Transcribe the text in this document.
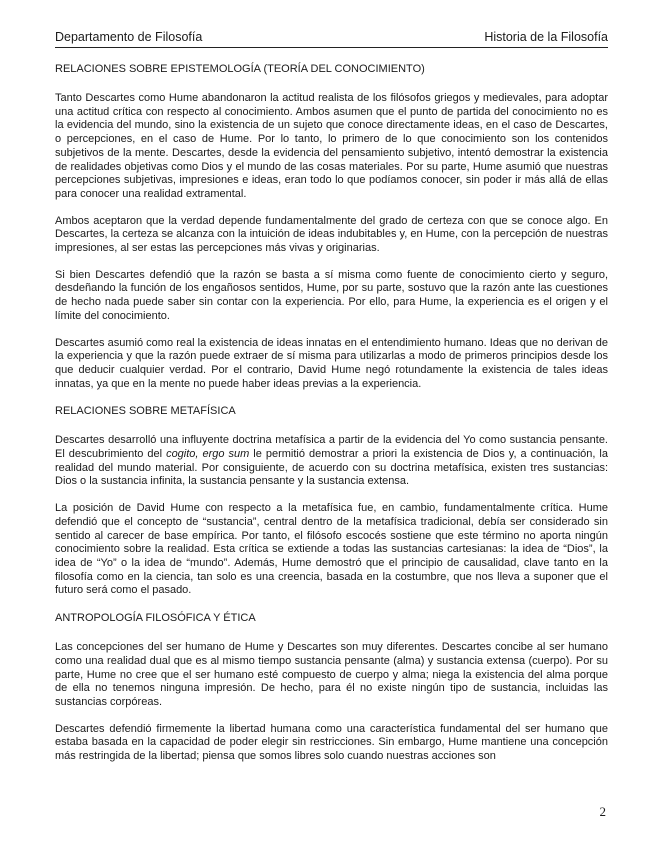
Departamento de Filosofía	Historia de la Filosofía
RELACIONES SOBRE EPISTEMOLOGÍA (TEORÍA DEL CONOCIMIENTO)

Tanto Descartes como Hume abandonaron la actitud realista de los filósofos griegos y medievales, para adoptar una actitud crítica con respecto al conocimiento. Ambos asumen que el punto de partida del conocimiento no es la evidencia del mundo, sino la existencia de un sujeto que conoce directamente ideas, en el caso de Descartes, o percepciones, en el caso de Hume. Por lo tanto, lo primero de lo que conocimiento son los contenidos subjetivos de la mente. Descartes, desde la evidencia del pensamiento subjetivo, intentó demostrar la existencia de realidades objetivas como Dios y el mundo de las cosas materiales. Por su parte, Hume asumió que nuestras percepciones subjetivas, impresiones e ideas, eran todo lo que podíamos conocer, sin poder ir más allá de ellas para conocer una realidad extramental.

Ambos aceptaron que la verdad depende fundamentalmente del grado de certeza con que se conoce algo. En Descartes, la certeza se alcanza con la intuición de ideas indubitables y, en Hume, con la percepción de nuestras impresiones, al ser estas las percepciones más vivas y originarias.

Si bien Descartes defendió que la razón se basta a sí misma como fuente de conocimiento cierto y seguro, desdeñando la función de los engañosos sentidos, Hume, por su parte, sostuvo que la razón ante las cuestiones de hecho nada puede saber sin contar con la experiencia. Por ello, para Hume, la experiencia es el origen y el límite del conocimiento.

Descartes asumió como real la existencia de ideas innatas en el entendimiento humano. Ideas que no derivan de la experiencia y que la razón puede extraer de sí misma para utilizarlas a modo de primeros principios desde los que deducir cualquier verdad. Por el contrario, David Hume negó rotundamente la existencia de tales ideas innatas, ya que en la mente no puede haber ideas previas a la experiencia.

RELACIONES SOBRE METAFÍSICA

Descartes desarrolló una influyente doctrina metafísica a partir de la evidencia del Yo como sustancia pensante. El descubrimiento del cogito, ergo sum le permitió demostrar a priori la existencia de Dios y, a continuación, la realidad del mundo material. Por consiguiente, de acuerdo con su doctrina metafísica, existen tres sustancias: Dios o la sustancia infinita, la sustancia pensante y la sustancia extensa.

La posición de David Hume con respecto a la metafísica fue, en cambio, fundamentalmente crítica. Hume defendió que el concepto de “sustancia”, central dentro de la metafísica tradicional, debía ser considerado sin sentido al carecer de base empírica. Por tanto, el filósofo escocés sostiene que este término no aporta ningún conocimiento sobre la realidad. Esta crítica se extiende a todas las sustancias cartesianas: la idea de “Dios”, la idea de “Yo” o la idea de “mundo”. Además, Hume demostró que el principio de causalidad, clave tanto en la filosofía como en la ciencia, tan solo es una creencia, basada en la costumbre, que nos lleva a suponer que el futuro será como el pasado.

ANTROPOLOGÍA FILOSÓFICA Y ÉTICA

Las concepciones del ser humano de Hume y Descartes son muy diferentes. Descartes concibe al ser humano como una realidad dual que es al mismo tiempo sustancia pensante (alma) y sustancia extensa (cuerpo). Por su parte, Hume no cree que el ser humano esté compuesto de cuerpo y alma; niega la existencia del alma porque de ella no tenemos ninguna impresión. De hecho, para él no existe ningún tipo de sustancia, incluidas las sustancias corpóreas.

Descartes defendió firmemente la libertad humana como una característica fundamental del ser humano que estaba basada en la capacidad de poder elegir sin restricciones. Sin embargo, Hume mantiene una concepción más restringida de la libertad; piensa que somos libres solo cuando nuestras acciones son

2
